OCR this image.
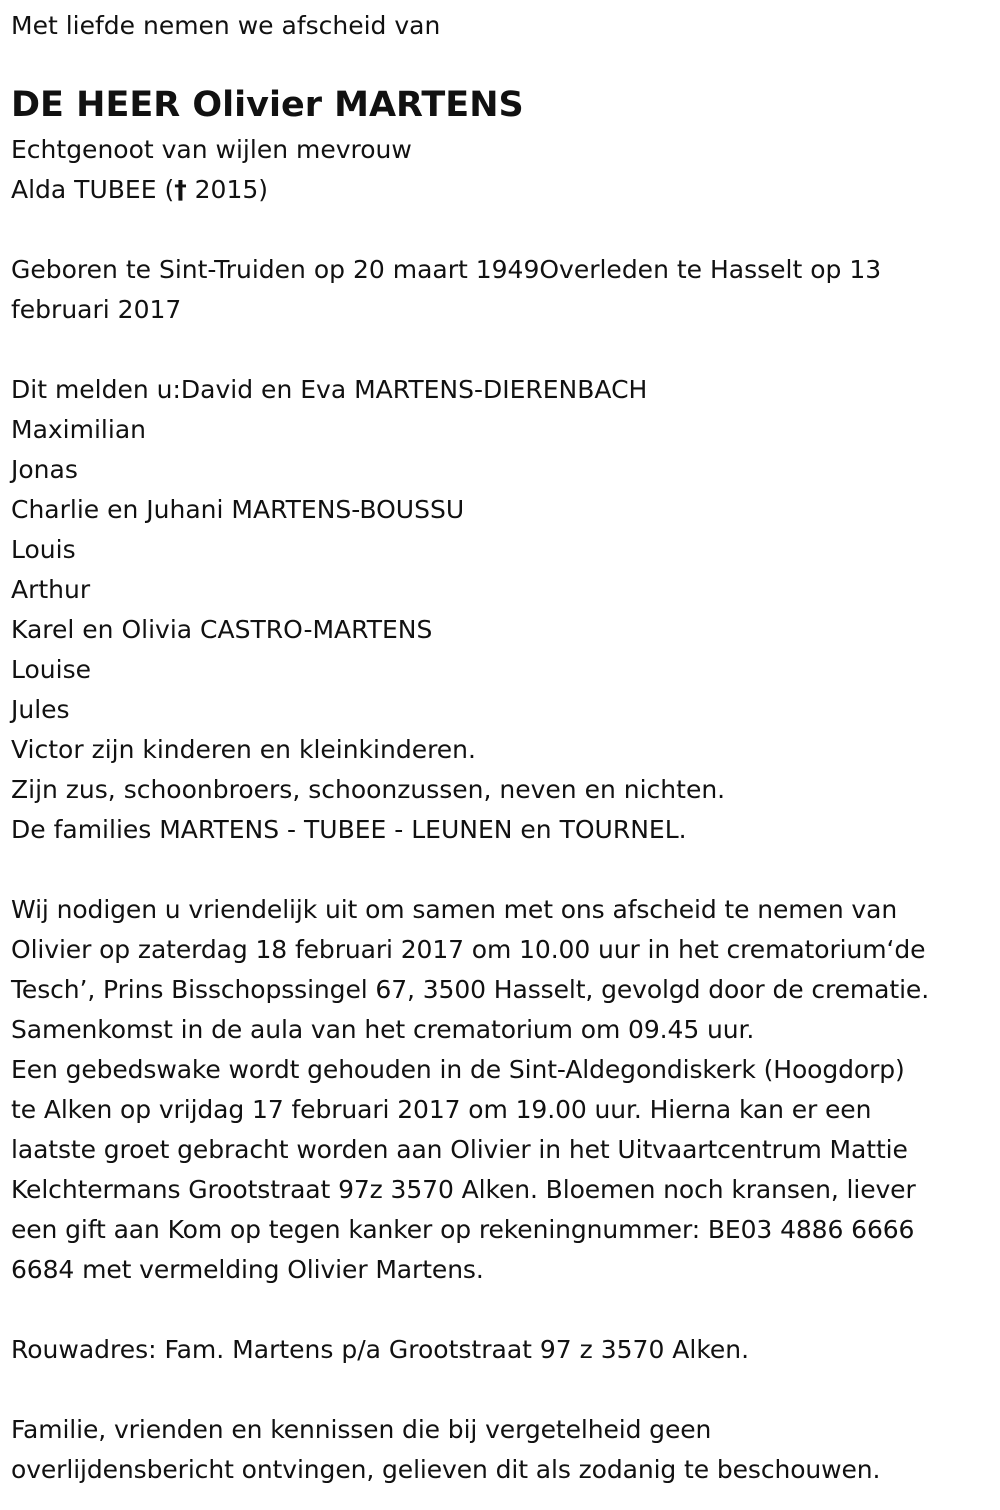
Met liefde nemen we afscheid van

DE HEER Olivier MARTENS

Echtgenoot van wijlen mevrouw

Alda TUBEE († 2015)

Geboren te Sint-Truiden op 20 maart 1949Overleden te Hasselt op 13

februari 2017

Dit melden u:David en Eva MARTENS-DIERENBACH

Maximilian

Jonas

Charlie en Juhani MARTENS-BOUSSU

Louis

Arthur

Karel en Olivia CASTRO-MARTENS

Louise

Jules

Victor zijn kinderen en kleinkinderen.

Zijn zus, schoonbroers, schoonzussen, neven en nichten.

De families MARTENS - TUBEE - LEUNEN en TOURNEL.

Wij nodigen u vriendelijk uit om samen met ons afscheid te nemen van
Olivier op zaterdag 18 februari 2017 om 10.00 uur in het crematorium‘de
Tesch’, Prins Bisschopssingel 67, 3500 Hasselt, gevolgd door de crematie.
Samenkomst in de aula van het crematorium om 09.45 uur.
Een gebedswake wordt gehouden in de Sint-Aldegondiskerk (Hoogdorp)
te Alken op vrijdag 17 februari 2017 om 19.00 uur. Hierna kan er een
laatste groet gebracht worden aan Olivier in het Uitvaartcentrum Mattie
Kelchtermans Grootstraat 97z 3570 Alken. Bloemen noch kransen, liever
een gift aan Kom op tegen kanker op rekeningnummer: BE03 4886 6666
6684 met vermelding Olivier Martens.

Rouwadres: Fam. Martens p/a Grootstraat 97 z 3570 Alken.

Familie, vrienden en kennissen die bij vergetelheid geen
overlijdensbericht ontvingen, gelieven dit als zodanig te beschouwen.
